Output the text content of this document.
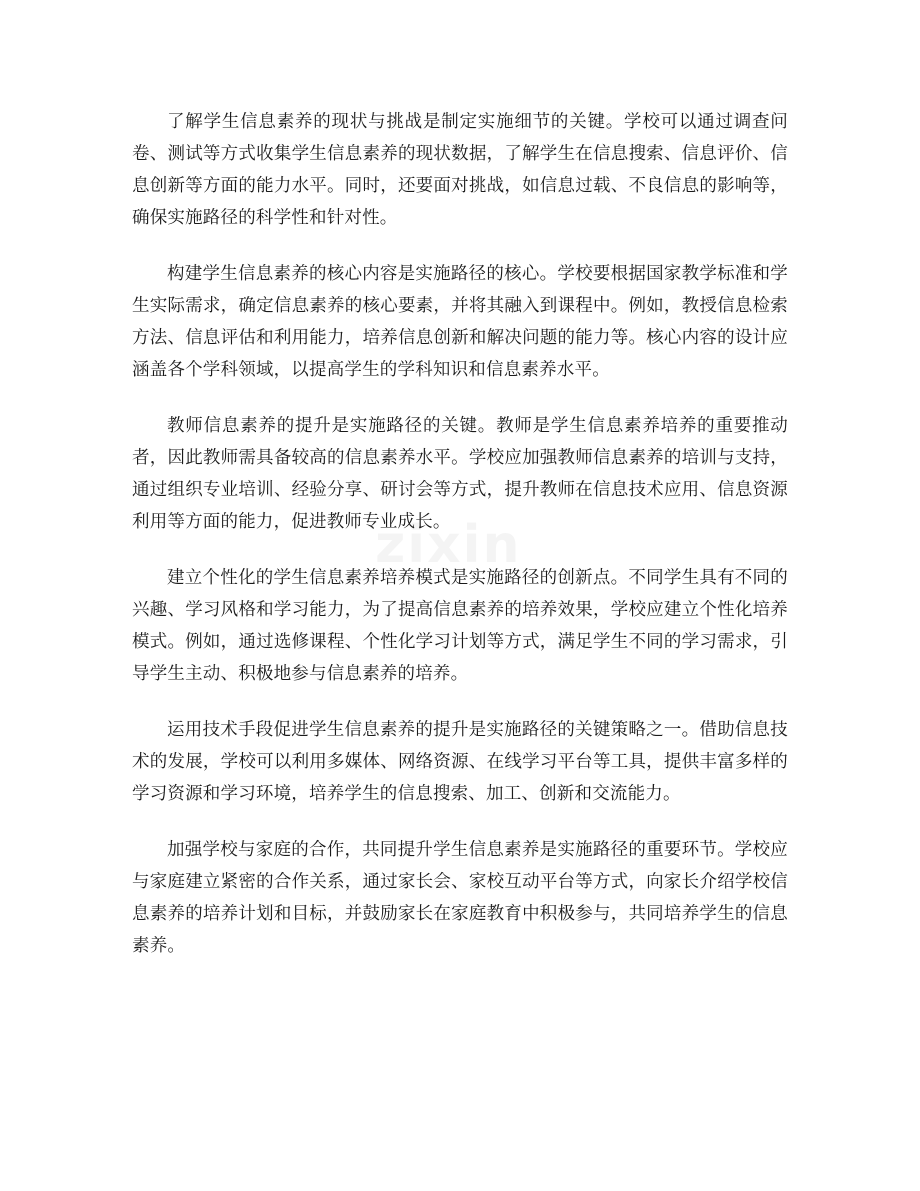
了解学生信息素养的现状与挑战是制定实施细节的关键。学校可以通过调查问卷、测试等方式收集学生信息素养的现状数据，了解学生在信息搜索、信息评价、信息创新等方面的能力水平。同时，还要面对挑战，如信息过载、不良信息的影响等，确保实施路径的科学性和针对性。

构建学生信息素养的核心内容是实施路径的核心。学校要根据国家教学标准和学生实际需求，确定信息素养的核心要素，并将其融入到课程中。例如，教授信息检索方法、信息评估和利用能力，培养信息创新和解决问题的能力等。核心内容的设计应涵盖各个学科领域，以提高学生的学科知识和信息素养水平。

教师信息素养的提升是实施路径的关键。教师是学生信息素养培养的重要推动者，因此教师需具备较高的信息素养水平。学校应加强教师信息素养的培训与支持，通过组织专业培训、经验分享、研讨会等方式，提升教师在信息技术应用、信息资源利用等方面的能力，促进教师专业成长。

建立个性化的学生信息素养培养模式是实施路径的创新点。不同学生具有不同的兴趣、学习风格和学习能力，为了提高信息素养的培养效果，学校应建立个性化培养模式。例如，通过选修课程、个性化学习计划等方式，满足学生不同的学习需求，引导学生主动、积极地参与信息素养的培养。

运用技术手段促进学生信息素养的提升是实施路径的关键策略之一。借助信息技术的发展，学校可以利用多媒体、网络资源、在线学习平台等工具，提供丰富多样的学习资源和学习环境，培养学生的信息搜索、加工、创新和交流能力。

加强学校与家庭的合作，共同提升学生信息素养是实施路径的重要环节。学校应与家庭建立紧密的合作关系，通过家长会、家校互动平台等方式，向家长介绍学校信息素养的培养计划和目标，并鼓励家长在家庭教育中积极参与，共同培养学生的信息素养。
